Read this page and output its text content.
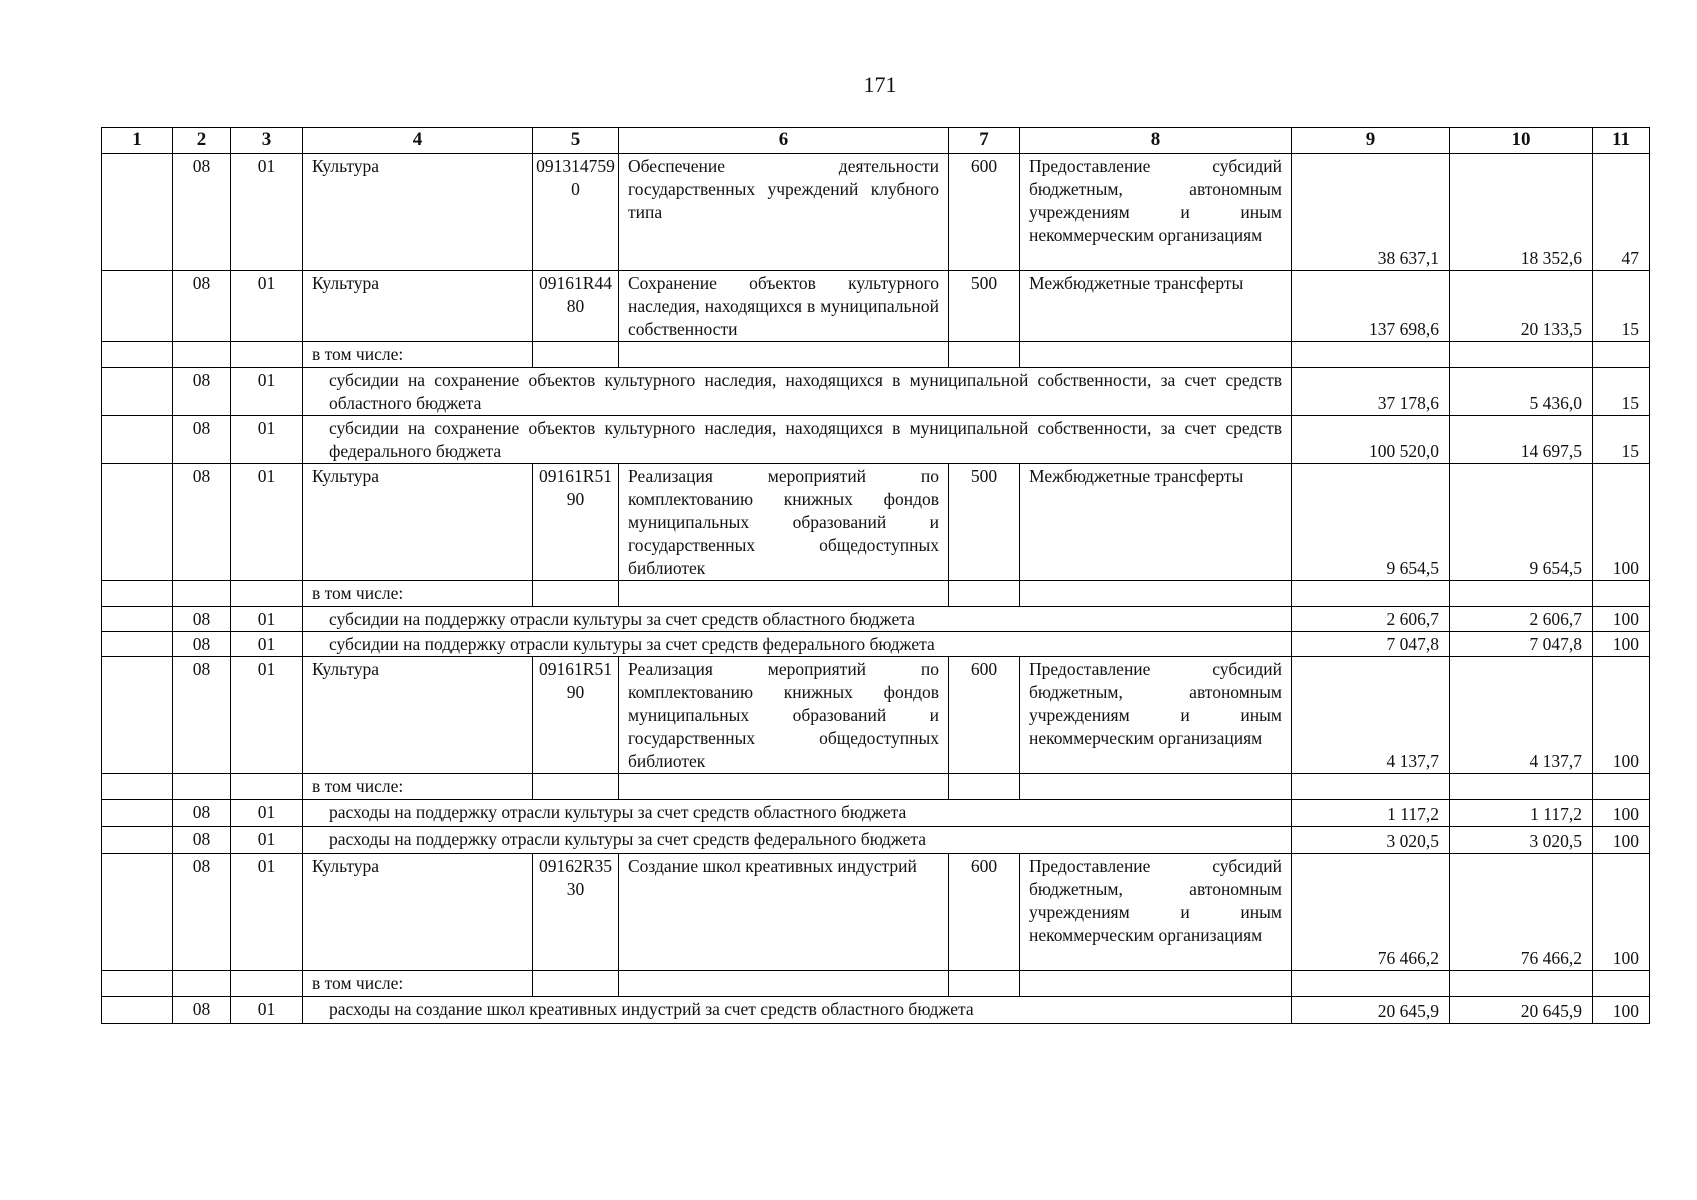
171
1	2	3	4	5	6	7	8	9	10	11
	08	01	Культура	0913147590	Обеспечение деятельности государственных учреждений клубного типа	600	Предоставление субсидий бюджетным, автономным учреждениям и иным некоммерческим организациям	38 637,1	18 352,6	47
	08	01	Культура	09161R4480	Сохранение объектов культурного наследия, находящихся в муниципальной собственности	500	Межбюджетные трансферты	137 698,6	20 133,5	15
			в том числе:							
	08	01	субсидии на сохранение объектов культурного наследия, находящихся в муниципальной собственности, за счет средств областного бюджета					37 178,6	5 436,0	15
	08	01	субсидии на сохранение объектов культурного наследия, находящихся в муниципальной собственности, за счет средств федерального бюджета					100 520,0	14 697,5	15
	08	01	Культура	09161R5190	Реализация мероприятий по комплектованию книжных фондов муниципальных образований и государственных общедоступных библиотек	500	Межбюджетные трансферты	9 654,5	9 654,5	100
			в том числе:							
	08	01	субсидии на поддержку отрасли культуры за счет средств областного бюджета					2 606,7	2 606,7	100
	08	01	субсидии на поддержку отрасли культуры за счет средств федерального бюджета					7 047,8	7 047,8	100
	08	01	Культура	09161R5190	Реализация мероприятий по комплектованию книжных фондов муниципальных образований и государственных общедоступных библиотек	600	Предоставление субсидий бюджетным, автономным учреждениям и иным некоммерческим организациям	4 137,7	4 137,7	100
			в том числе:							
	08	01	расходы на поддержку отрасли культуры за счет средств областного бюджета					1 117,2	1 117,2	100
	08	01	расходы на поддержку отрасли культуры за счет средств федерального бюджета					3 020,5	3 020,5	100
	08	01	Культура	09162R3530	Создание школ креативных индустрий	600	Предоставление субсидий бюджетным, автономным учреждениям и иным некоммерческим организациям	76 466,2	76 466,2	100
			в том числе:							
	08	01	расходы на создание школ креативных индустрий за счет средств областного бюджета					20 645,9	20 645,9	100
